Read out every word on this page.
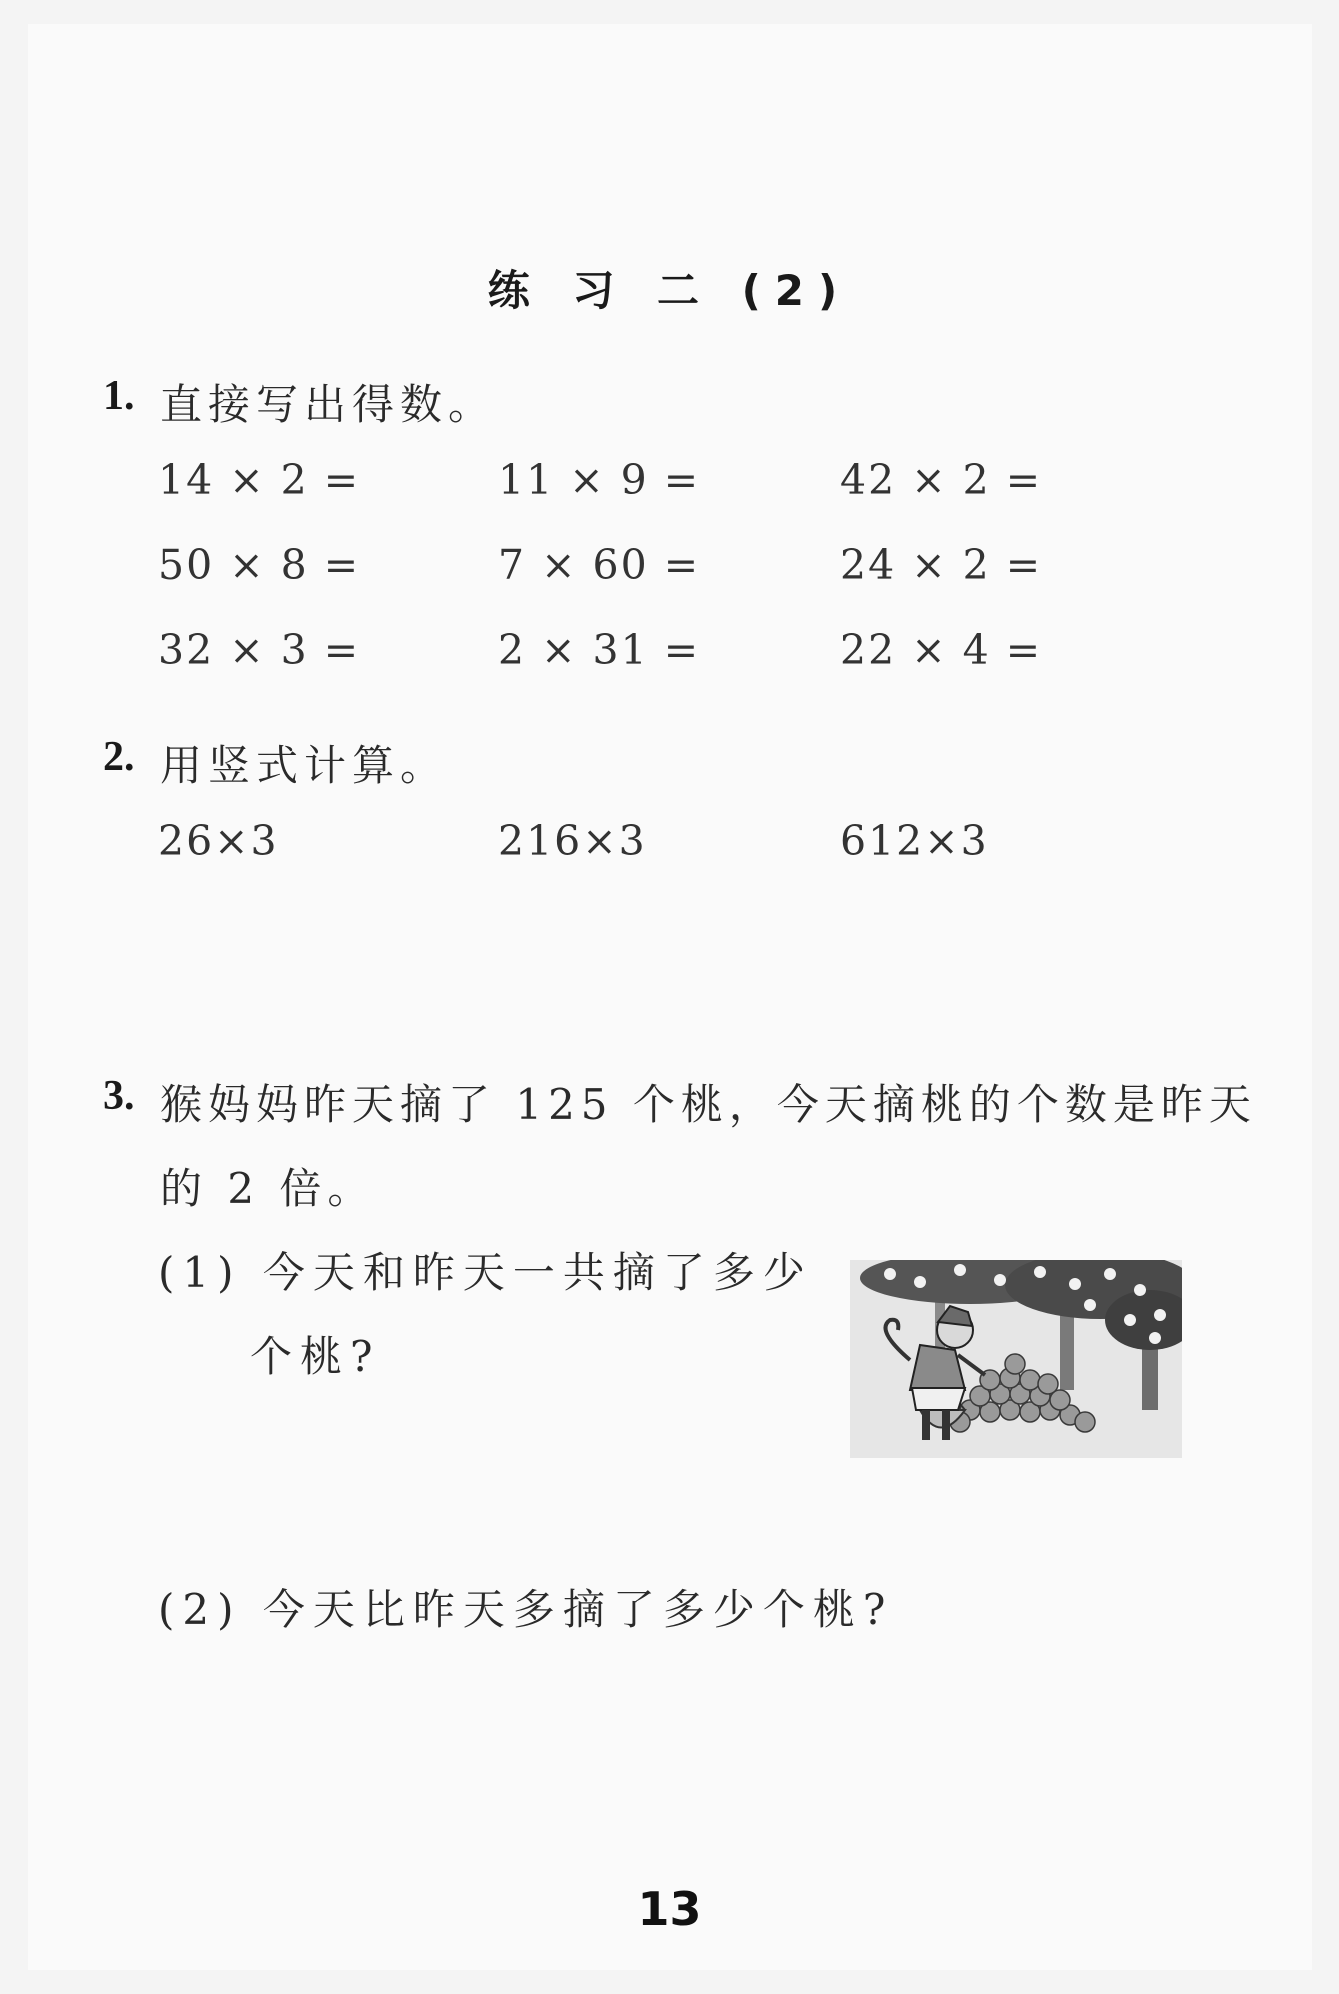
练 习 二 (2)
1. 直接写出得数。
14 × 2 =	11 × 9 =	42 × 2 =
50 × 8 =	7 × 60 =	24 × 2 =
32 × 3 =	2 × 31 =	22 × 4 =
2. 用竖式计算。
26×3	216×3	612×3
3. 猴妈妈昨天摘了 125 个桃，今天摘桃的个数是昨天
的 2 倍。
(1) 今天和昨天一共摘了多少
个桃?
(2) 今天比昨天多摘了多少个桃?
13
